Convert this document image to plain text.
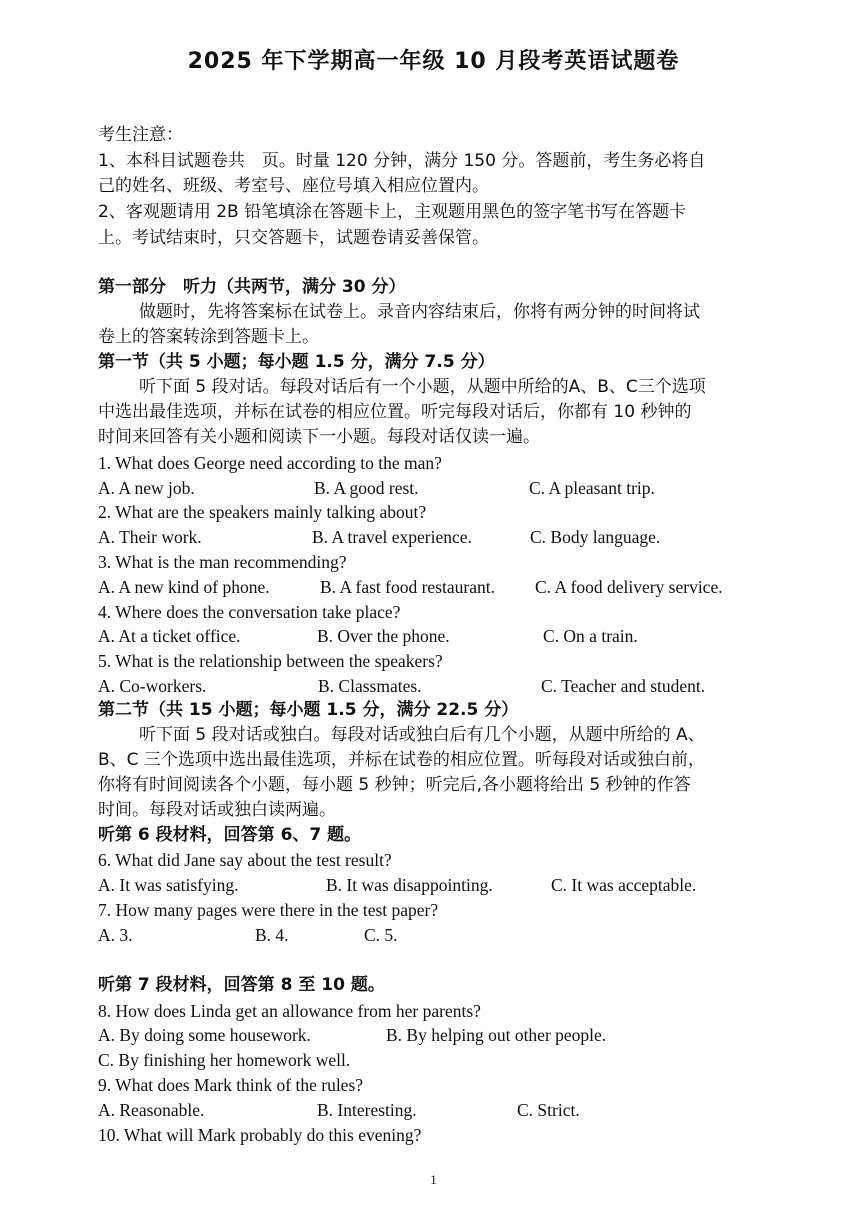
2025 年下学期高一年级 10 月段考英语试题卷
考生注意：
1、本科目试题卷共　页。时量 120 分钟，满分 150 分。答题前，考生务必将自
己的姓名、班级、考室号、座位号填入相应位置内。
2、客观题请用 2B 铅笔填涂在答题卡上，主观题用黑色的签字笔书写在答题卡
上。考试结束时，只交答题卡，试题卷请妥善保管。
第一部分　听力（共两节，满分 30 分）
做题时，先将答案标在试卷上。录音内容结束后，你将有两分钟的时间将试
卷上的答案转涂到答题卡上。
第一节（共 5 小题；每小题 1.5 分，满分 7.5 分）
听下面 5 段对话。每段对话后有一个小题，从题中所给的A、B、C三个选项
中选出最佳选项，并标在试卷的相应位置。听完每段对话后，你都有 10 秒钟的
时间来回答有关小题和阅读下一小题。每段对话仅读一遍。
1. What does George need according to the man?
A. A new job.	B. A good rest.	C. A pleasant trip.
2. What are the speakers mainly talking about?
A. Their work.	B. A travel experience.	C. Body language.
3. What is the man recommending?
A. A new kind of phone.	B. A fast food restaurant. C. A food delivery service.
4. Where does the conversation take place?
A. At a ticket office.	B. Over the phone.	C. On a train.
5. What is the relationship between the speakers?
A. Co-workers.	B. Classmates.	C. Teacher and student.
第二节（共 15 小题；每小题 1.5 分，满分 22.5 分）
听下面 5 段对话或独白。每段对话或独白后有几个小题，从题中所给的 A、
B、C 三个选项中选出最佳选项，并标在试卷的相应位置。听每段对话或独白前，
你将有时间阅读各个小题，每小题 5 秒钟；听完后,各小题将给出 5 秒钟的作答
时间。每段对话或独白读两遍。
听第 6 段材料，回答第 6、7 题。
6. What did Jane say about the test result?
A. It was satisfying.	B. It was disappointing.	C. It was acceptable.
7. How many pages were there in the test paper?
A. 3.	B. 4.	C. 5.
听第 7 段材料，回答第 8 至 10 题。
8. How does Linda get an allowance from her parents?
A. By doing some housework.	B. By helping out other people.
C. By finishing her homework well.
9. What does Mark think of the rules?
A. Reasonable.	B. Interesting.	C. Strict.
10. What will Mark probably do this evening?
1
